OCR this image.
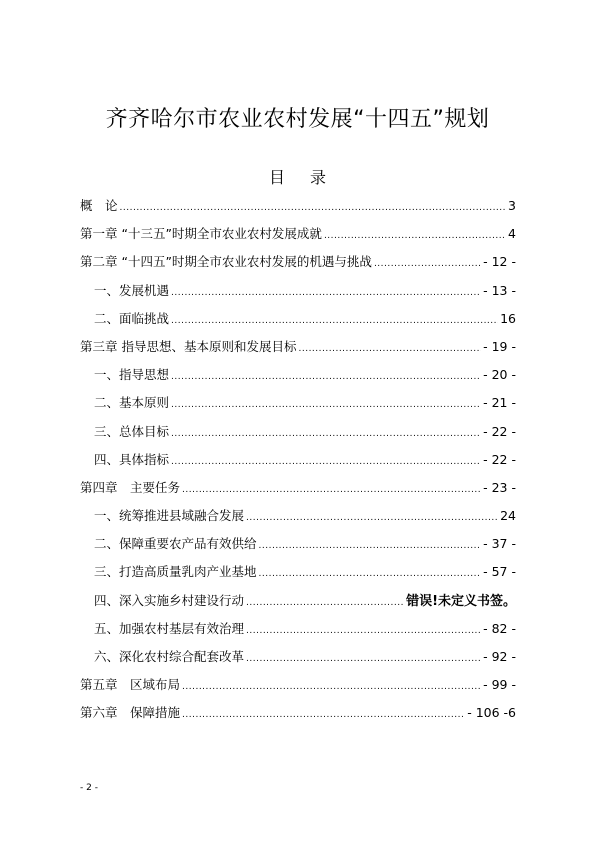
齐齐哈尔市农业农村发展“十四五”规划
目 录
概　论 .....	3
第一章 “十三五”时期全市农业农村发展成就 .....	4
第二章 “十四五”时期全市农业农村发展的机遇与挑战 .....	- 12 -
一、发展机遇 .....	- 13 -
二、面临挑战 .....	16
第三章 指导思想、基本原则和发展目标 .....	- 19 -
一、指导思想 .....	- 20 -
二、基本原则 .....	- 21 -
三、总体目标 .....	- 22 -
四、具体指标 .....	- 22 -
第四章　主要任务 .....	- 23 -
一、统筹推进县域融合发展 .....	24
二、保障重要农产品有效供给 .....	- 37 -
三、打造高质量乳肉产业基地 .....	- 57 -
四、深入实施乡村建设行动 .....	错误!未定义书签。
五、加强农村基层有效治理 .....	- 82 -
六、深化农村综合配套改革 .....	- 92 -
第五章　区域布局 .....	- 99 -
第六章　保障措施 .....	- 106 -6
- 2 -
